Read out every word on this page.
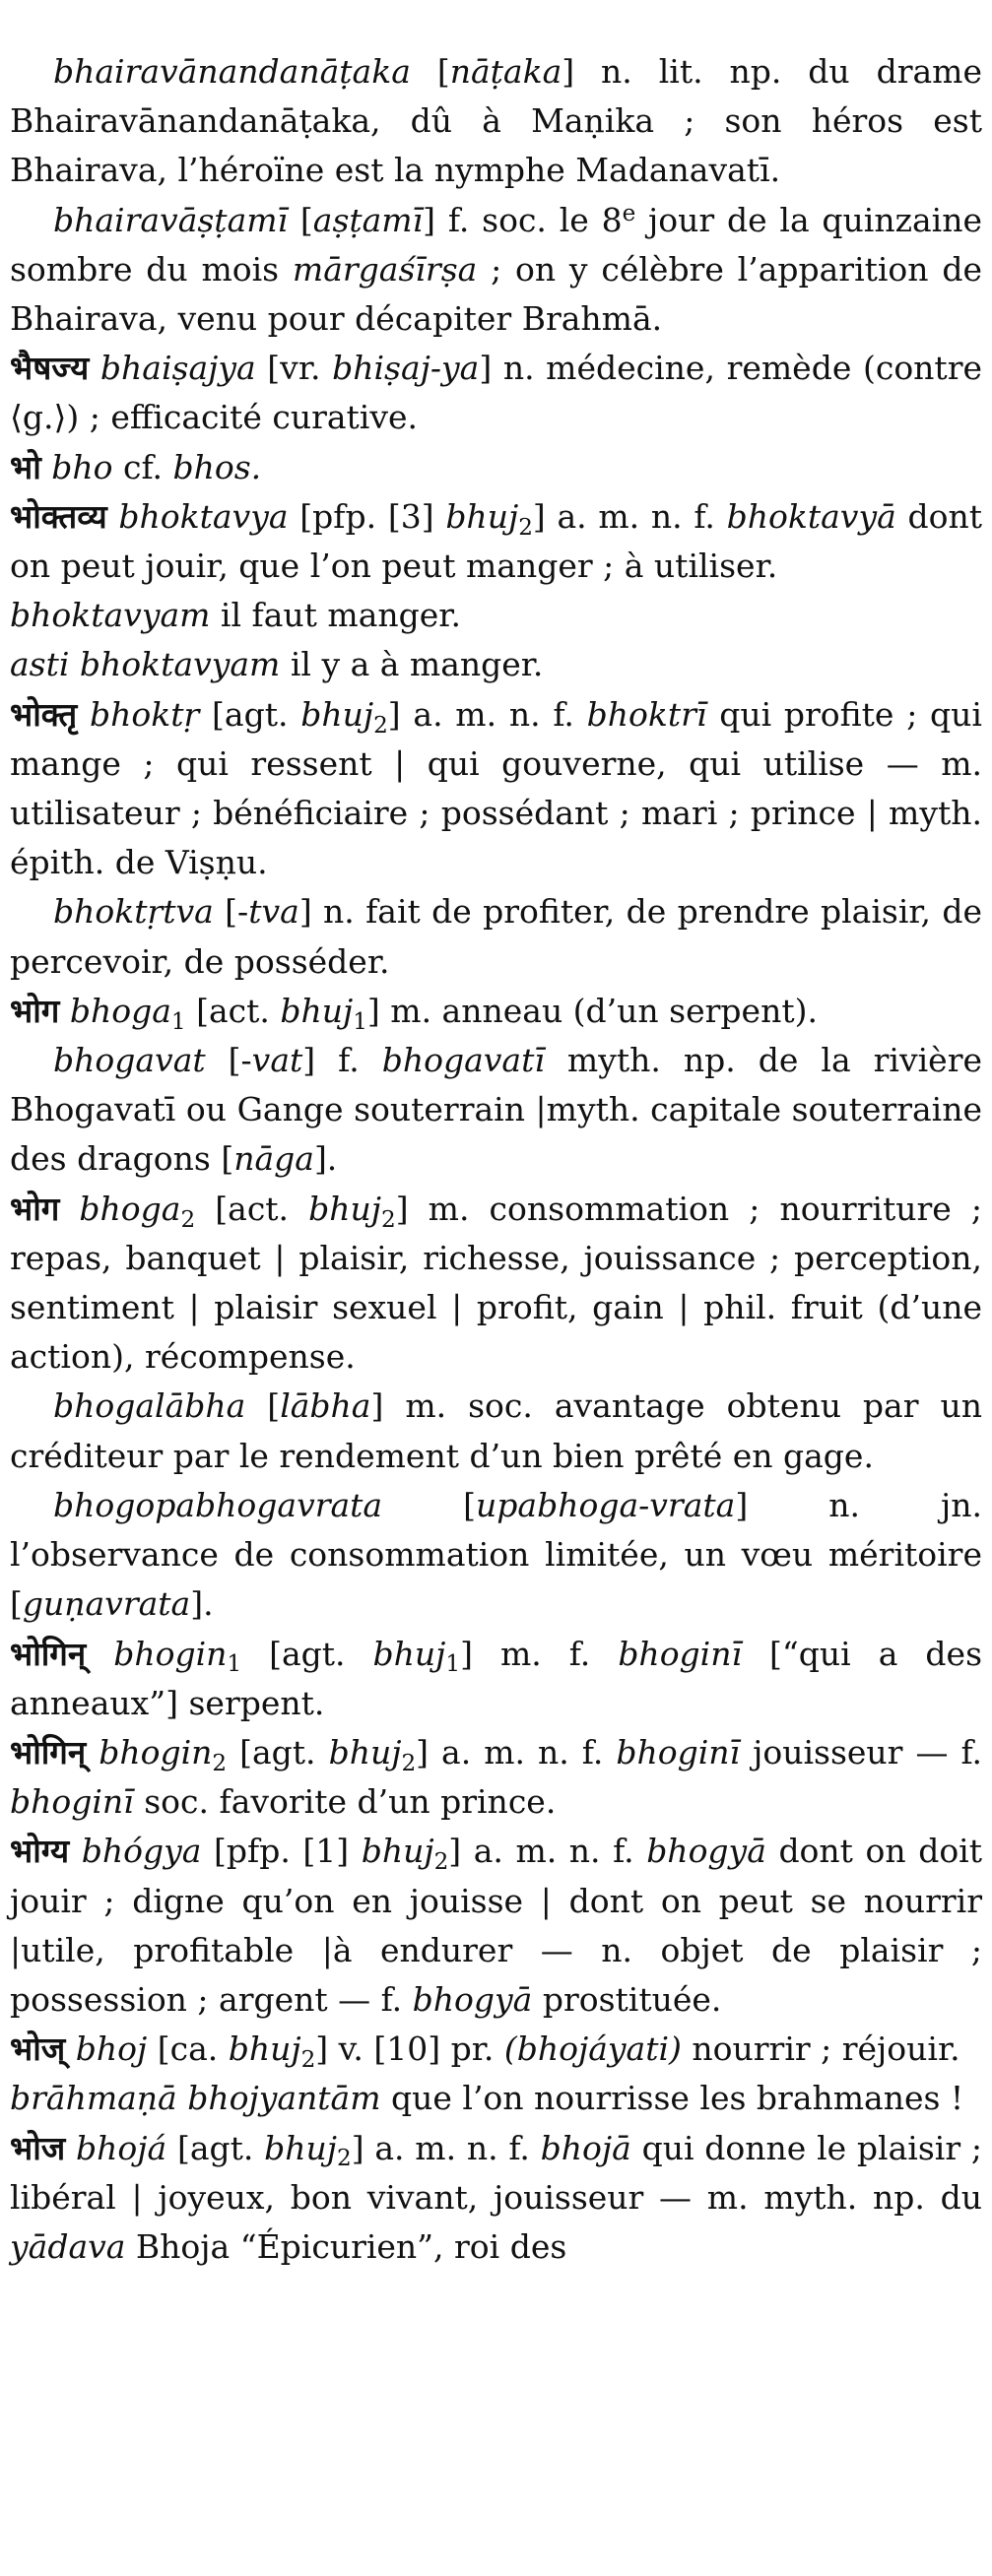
bhairavānandanāṭaka [nāṭaka] n. lit. np. du drame Bhairavānandanāṭaka, dû à Maṇika ; son héros est Bhairava, l’héroïne est la nymphe Madanavatī.

bhairavāṣṭamī [aṣṭamī] f. soc. le 8e jour de la quinzaine sombre du mois mārgaśīrṣa ; on y célèbre l’apparition de Bhairava, venu pour décapiter Brahmā.

भैषज्य bhaiṣajya [vr. bhiṣaj-ya] n. médecine, remède (contre ⟨g.⟩) ; efficacité curative.

भो bho cf. bhos.

भोक्तव्य bhoktavya [pfp. [3] bhuj$_2$] a. m. n. f. bhoktavyā dont on peut jouir, que l’on peut manger ; à utiliser.

bhoktavyam il faut manger.

asti bhoktavyam il y a à manger.

भोक्तृ bhoktṛ [agt. bhuj$_2$] a. m. n. f. bhoktrī qui profite ; qui mange ; qui ressent | qui gouverne, qui utilise — m. utilisateur ; bénéficiaire ; possédant ; mari ; prince | myth. épith. de Viṣṇu.

bhoktṛtva [-tva] n. fait de profiter, de prendre plaisir, de percevoir, de posséder.

भोग bhoga$_1$ [act. bhuj$_1$] m. anneau (d’un serpent).

bhogavat [-vat] f. bhogavatī myth. np. de la rivière Bhogavatī ou Gange souterrain |myth. capitale souterraine des dragons [nāga].

भोग bhoga$_2$ [act. bhuj$_2$] m. consommation ; nourriture ; repas, banquet | plaisir, richesse, jouissance ; perception, sentiment | plaisir sexuel | profit, gain | phil. fruit (d’une action), récompense.

bhogalābha [lābha] m. soc. avantage obtenu par un créditeur par le rendement d’un bien prêté en gage.

bhogopabhogavrata [upabhoga-vrata] n. jn. l’observance de consommation limitée, un vœu méritoire [guṇavrata].

भोगिन् bhogin$_1$ [agt. bhuj$_1$] m. f. bhoginī [“qui a des anneaux”] serpent.

भोगिन् bhogin$_2$ [agt. bhuj$_2$] a. m. n. f. bhoginī jouisseur — f. bhoginī soc. favorite d’un prince.

भोग्य bhógya [pfp. [1] bhuj$_2$] a. m. n. f. bhogyā dont on doit jouir ; digne qu’on en jouisse | dont on peut se nourrir |utile, profitable |à endurer — n. objet de plaisir ; possession ; argent — f. bhogyā prostituée.

भोज् bhoj [ca. bhuj$_2$] v. [10] pr. (bhojáyati) nourrir ; réjouir.

brāhmaṇā bhojyantām que l’on nourrisse les brahmanes !

भोज bhojá [agt. bhuj$_2$] a. m. n. f. bhojā qui donne le plaisir ; libéral | joyeux, bon vivant, jouisseur — m. myth. np. du yādava Bhoja “Épicurien”, roi des
